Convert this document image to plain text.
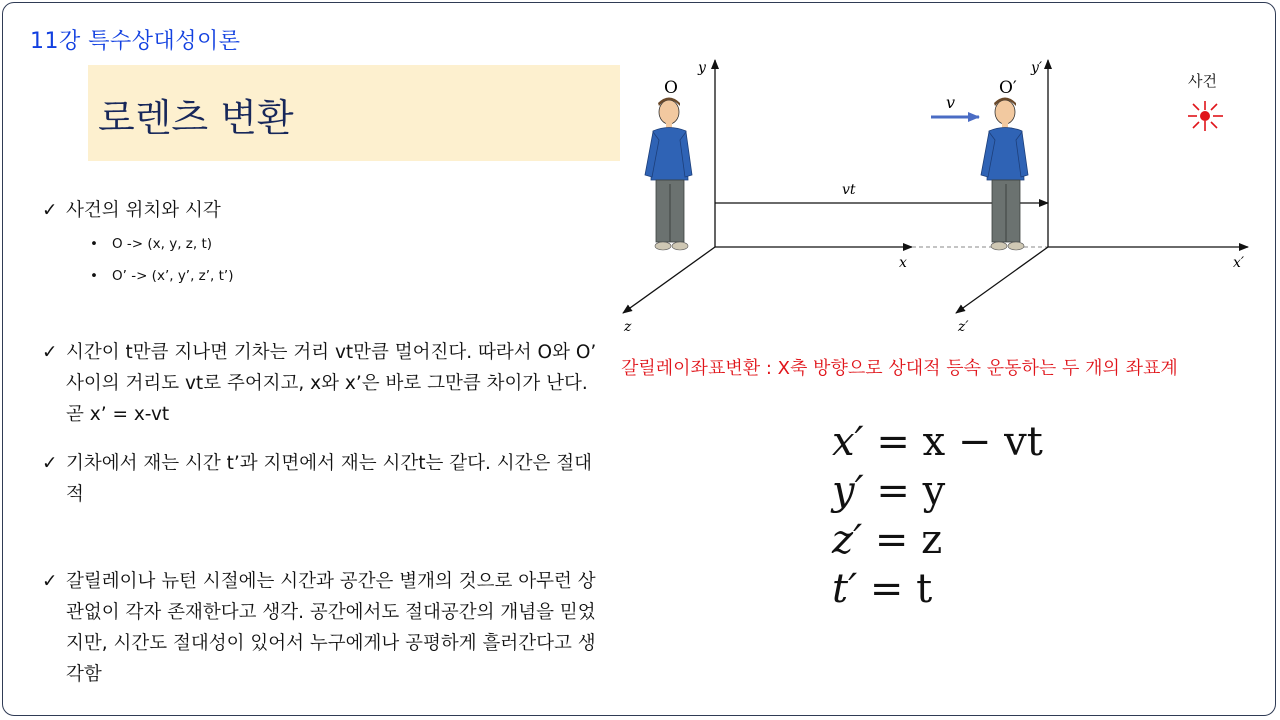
11강 특수상대성이론
로렌츠 변환
✓ 사건의 위치와 시각
• O -> (x, y, z, t)
• O’ -> (x’, y’, z’, t’)
✓ 시간이 t만큼 지나면 기차는 거리 vt만큼 멀어진다. 따라서 O와 O’ 사이의 거리도 vt로 주어지고, x와 x’은 바로 그만큼 차이가 난다. 곧 x’ = x-vt
✓ 기차에서 재는 시간 t’과 지면에서 재는 시간t는 같다. 시간은 절대적
✓ 갈릴레이나 뉴턴 시절에는 시간과 공간은 별개의 것으로 아무런 상관없이 각자 존재한다고 생각. 공간에서도 절대공간의 개념을 믿었지만, 시간도 절대성이 있어서 누구에게나 공평하게 흘러간다고 생각함
y	y′
x	x′
z	z′
vt
v
O	O′	사건
갈릴레이좌표변환 : X축 방향으로 상대적 등속 운동하는 두 개의 좌표계
x′ = x − vt
y′ = y
z′ = z
t′ = t
